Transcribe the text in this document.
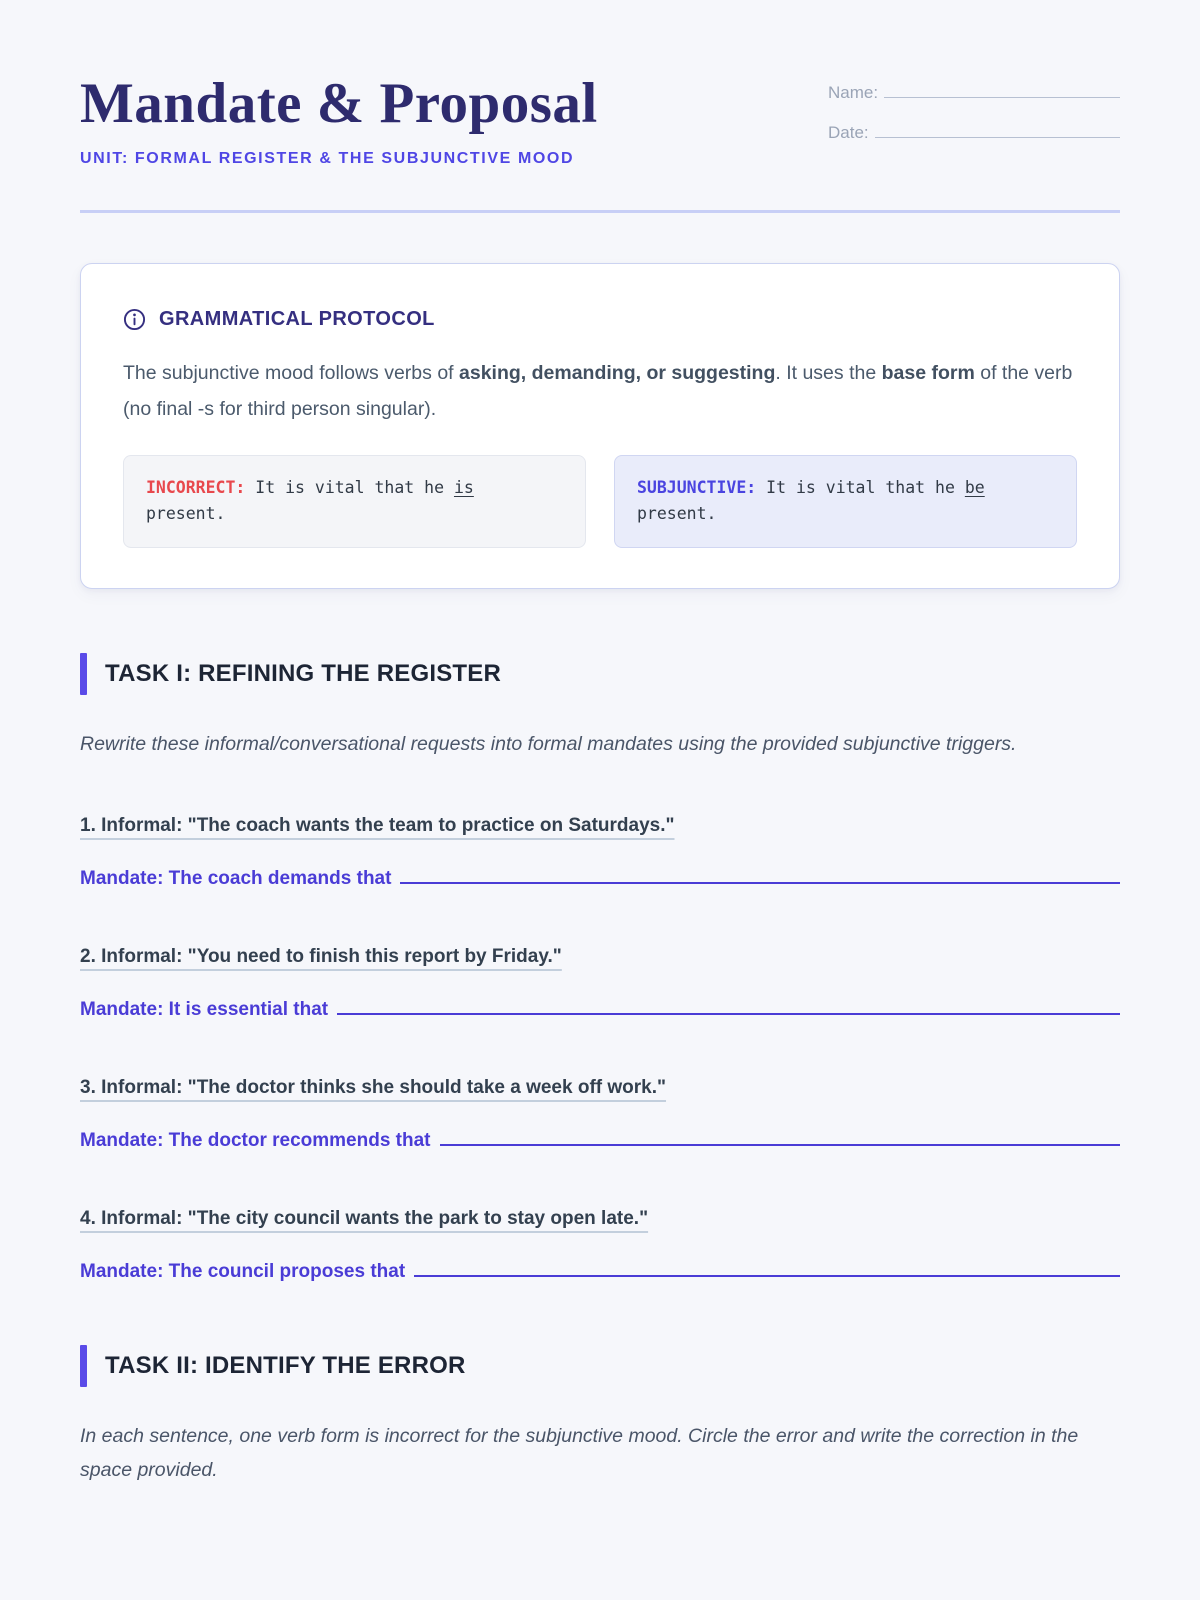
Mandate & Proposal
UNIT: FORMAL REGISTER & THE SUBJUNCTIVE MOOD
Name:
Date:
GRAMMATICAL PROTOCOL

The subjunctive mood follows verbs of asking, demanding, or suggesting. It uses the base form of the verb (no final -s for third person singular).

INCORRECT: It is vital that he is present.
SUBJUNCTIVE: It is vital that he be present.
TASK I: REFINING THE REGISTER

Rewrite these informal/conversational requests into formal mandates using the provided subjunctive triggers.

1. Informal: "The coach wants the team to practice on Saturdays."
Mandate: The coach demands that
2. Informal: "You need to finish this report by Friday."
Mandate: It is essential that
3. Informal: "The doctor thinks she should take a week off work."
Mandate: The doctor recommends that
4. Informal: "The city council wants the park to stay open late."
Mandate: The council proposes that
TASK II: IDENTIFY THE ERROR

In each sentence, one verb form is incorrect for the subjunctive mood. Circle the error and write the correction in the space provided.
